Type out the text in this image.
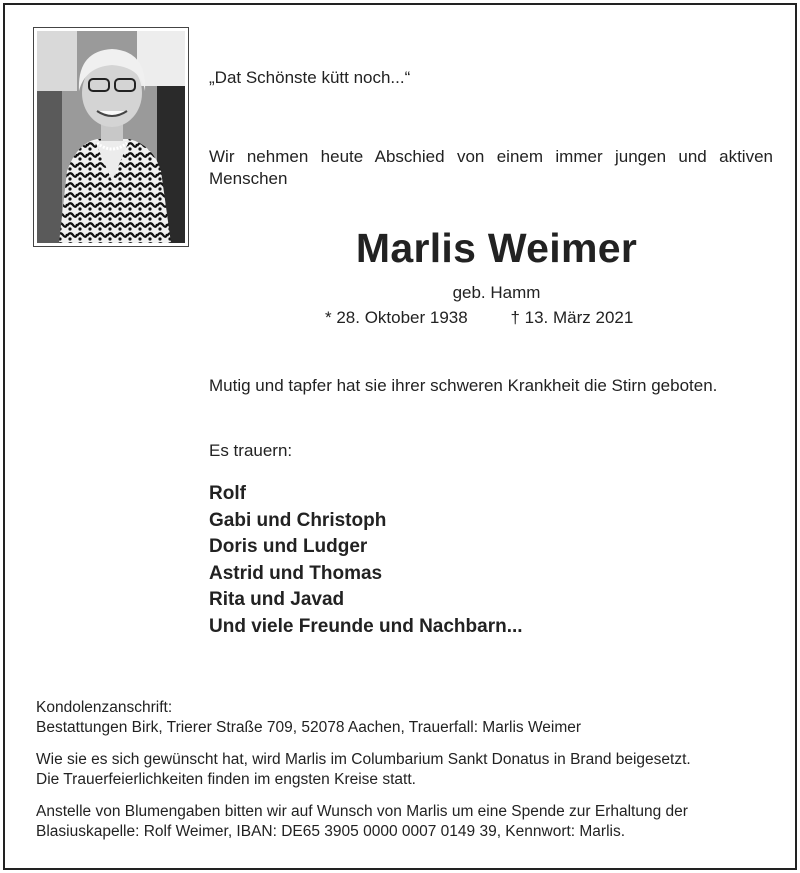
„Dat Schönste kütt noch...“
Wir nehmen heute Abschied von einem immer jungen und aktiven Menschen
Marlis Weimer
geb. Hamm
* 28. Oktober 1938	† 13. März 2021
Mutig und tapfer hat sie ihrer schweren Krankheit die Stirn geboten.
Es trauern:
Rolf
Gabi und Christoph
Doris und Ludger
Astrid und Thomas
Rita und Javad
Und viele Freunde und Nachbarn...

Kondolenzanschrift:
Bestattungen Birk, Trierer Straße 709, 52078 Aachen, Trauerfall: Marlis Weimer

Wie sie es sich gewünscht hat, wird Marlis im Columbarium Sankt Donatus in Brand beigesetzt.
Die Trauerfeierlichkeiten finden im engsten Kreise statt.

Anstelle von Blumengaben bitten wir auf Wunsch von Marlis um eine Spende zur Erhaltung der
Blasiuskapelle: Rolf Weimer, IBAN: DE65 3905 0000 0007 0149 39, Kennwort: Marlis.
